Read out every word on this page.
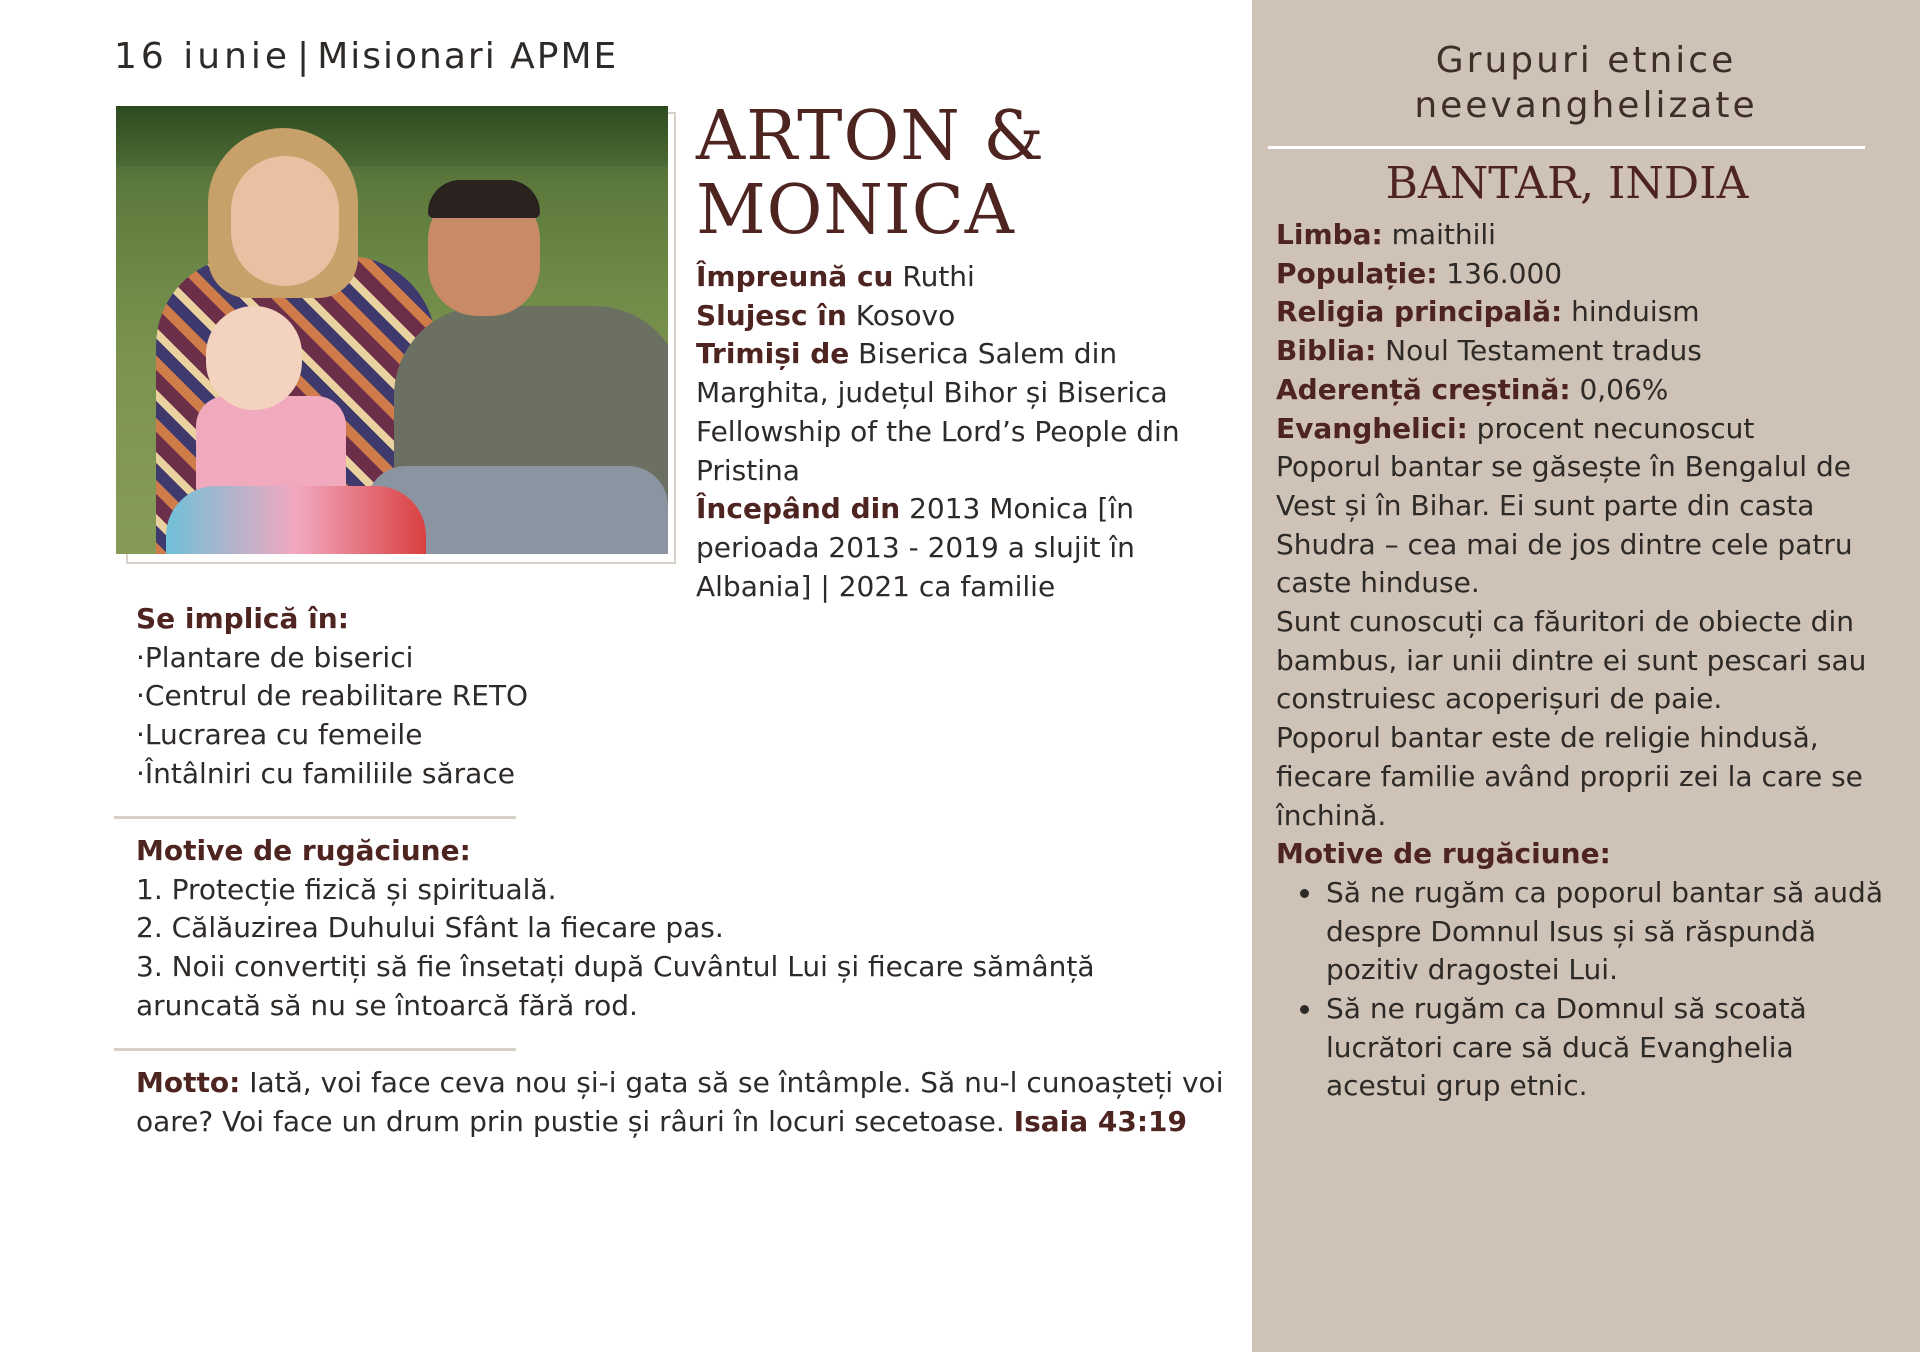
16 iunie | Misionari APME
ARTON &
MONICA

Împreună cu Ruthi

Slujesc în Kosovo

Trimiși de Biserica Salem din Marghita, județul Bihor și Biserica Fellowship of the Lord’s People din Pristina

Începând din 2013 Monica [în perioada 2013 - 2019 a slujit în Albania] | 2021 ca familie

Se implică în:
· Plantare de biserici
· Centrul de reabilitare RETO
· Lucrarea cu femeile
· Întâlniri cu familiile sărace
Motive de rugăciune:
1. Protecție fizică și spirituală.
2. Călăuzirea Duhului Sfânt la fiecare pas.
3. Noii convertiți să fie însetați după Cuvântul Lui și fiecare sămânță aruncată să nu se întoarcă fără rod.
Motto: Iată, voi face ceva nou și-i gata să se întâmple. Să nu-l cunoașteți voi oare? Voi face un drum prin pustie și râuri în locuri secetoase. Isaia 43:19
Grupuri etnice
neevanghelizate
BANTAR, INDIA

Limba: maithili

Populație: 136.000

Religia principală: hinduism

Biblia: Noul Testament tradus

Aderență creștină: 0,06%

Evanghelici: procent necunoscut

Poporul bantar se găsește în Bengalul de Vest și în Bihar. Ei sunt parte din casta Shudra – cea mai de jos dintre cele patru caste hinduse.

Sunt cunoscuți ca făuritori de obiecte din bambus, iar unii dintre ei sunt pescari sau construiesc acoperișuri de paie.

Poporul bantar este de religie hindusă, fiecare familie având proprii zei la care se închină.

Motive de rugăciune:

• Să ne rugăm ca poporul bantar să audă despre Domnul Isus și să răspundă pozitiv dragostei Lui.
• Să ne rugăm ca Domnul să scoată lucrători care să ducă Evanghelia acestui grup etnic.
